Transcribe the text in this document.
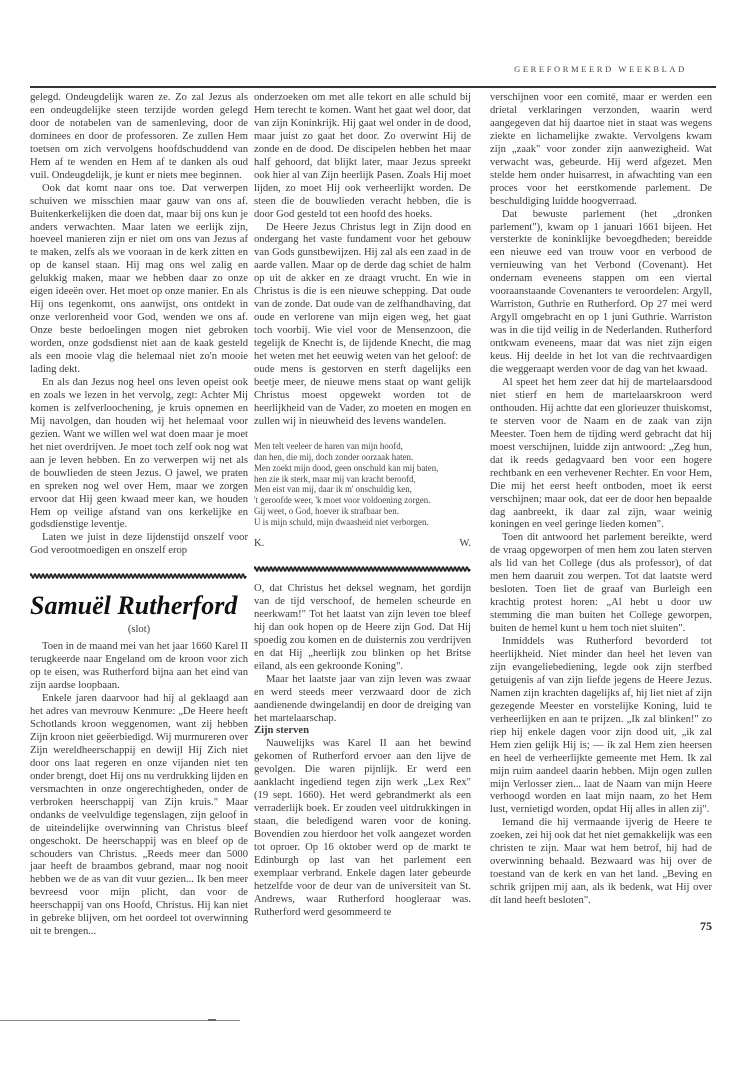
GEREFORMEERD WEEKBLAD

gelegd. Ondeugdelijk waren ze. Zo zal Jezus als een ondeugdelijke steen terzijde worden gelegd door de notabelen van de samenleving, door de dominees en door de professoren. Ze zullen Hem toetsen om zich vervolgens hoofdschuddend van Hem af te wenden en Hem af te danken als oud vuil. Ondeugdelijk, je kunt er niets mee beginnen.

Ook dat komt naar ons toe. Dat verwerpen schuiven we misschien maar gauw van ons af. Buitenkerkelijken die doen dat, maar bij ons kun je anders verwachten. Maar laten we eerlijk zijn, hoeveel manieren zijn er niet om ons van Jezus af te maken, zelfs als we vooraan in de kerk zitten en op de kansel staan. Hij mag ons wel zalig en gelukkig maken, maar we hebben daar zo onze eigen ideeën over. Het moet op onze manier. En als Hij ons tegenkomt, ons aanwijst, ons ontdekt in onze verlorenheid voor God, wenden we ons af. Onze beste bedoelingen mogen niet gebroken worden, onze godsdienst niet aan de kaak gesteld als een mooie vlag die helemaal niet zo'n mooie lading dekt.

En als dan Jezus nog heel ons leven opeist ook en zoals we lezen in het vervolg, zegt: Achter Mij komen is zelfverloochening, je kruis opnemen en Mij navolgen, dan houden wij het helemaal voor gezien. Want we willen wel wat doen maar je moet het niet overdrijven. Je moet toch zelf ook nog wat aan je leven hebben. En zo verwerpen wij net als de bouwlieden de steen Jezus. O jawel, we praten en spreken nog wel over Hem, maar we zorgen ervoor dat Hij geen kwaad meer kan, we houden Hem op veilige afstand van ons kerkelijke en godsdienstige leventje.

Laten we juist in deze lijdenstijd onszelf voor God verootmoedigen en onszelf erop

Samuël Rutherford
(slot)

Toen in de maand mei van het jaar 1660 Karel II terugkeerde naar Engeland om de kroon voor zich op te eisen, was Rutherford bijna aan het eind van zijn aardse loopbaan.

Enkele jaren daarvoor had hij al geklaagd aan het adres van mevrouw Kenmure: „De Heere heeft Schotlands kroon weggenomen, want zij hebben Zijn kroon niet geëerbiedigd. Wij murmureren over Zijn wereldheerschappij en dewijl Hij Zich niet door ons laat regeren en onze vijanden niet ten onder brengt, doet Hij ons nu verdrukking lijden en versmachten in onze ongerechtigheden, onder de verbroken heerschappij van Zijn kruis." Maar ondanks de veelvuldige tegenslagen, zijn geloof in de uiteindelijke overwinning van Christus bleef ongeschokt. De heerschappij was en bleef op de schouders van Christus. „Reeds meer dan 5000 jaar heeft de braambos gebrand, maar nog nooit hebben we de as van dit vuur gezien... Ik ben meer bevreesd voor mijn plicht, dan voor de heerschappij van ons Hoofd, Christus. Hij kan niet in gebreke blijven, om het oordeel tot overwinning uit te brengen...

onderzoeken om met alle tekort en alle schuld bij Hem terecht te komen. Want het gaat wel door, dat van zijn Koninkrijk. Hij gaat wel onder in de dood, maar juist zo gaat het door. Zo overwint Hij de zonde en de dood. De discipelen hebben het maar half gehoord, dat blijkt later, maar Jezus spreekt ook hier al van Zijn heerlijk Pasen. Zoals Hij moet lijden, zo moet Hij ook verheerlijkt worden. De steen die de bouwlieden veracht hebben, die is door God gesteld tot een hoofd des hoeks.

De Heere Jezus Christus legt in Zijn dood en ondergang het vaste fundament voor het gebouw van Gods gunstbewijzen. Hij zal als een zaad in de aarde vallen. Maar op de derde dag schiet de halm op uit de akker en ze draagt vrucht. En wie in Christus is die is een nieuwe schepping. Dat oude van de zonde. Dat oude van de zelfhandhaving, dat oude en verlorene van mijn eigen weg, het gaat toch voorbij. Wie viel voor de Mensenzoon, die tegelijk de Knecht is, de lijdende Knecht, die mag het weten met het eeuwig weten van het geloof: de oude mens is gestorven en sterft dagelijks een beetje meer, de nieuwe mens staat op want gelijk Christus moest opgewekt worden tot de heerlijkheid van de Vader, zo moeten en mogen en zullen wij in nieuwheid des levens wandelen.

Men telt veeleer de haren van mijn hoofd,
dan hen, die mij, doch zonder oorzaak haten.
Men zoekt mijn dood, geen onschuld kan mij baten,
hen zie ik sterk, maar mij van kracht beroofd,
Men eist van mij, daar ik m' onschuldig ken,
't geroofde weer, 'k moet voor voldoening zorgen.
Gij weet, o God, hoever ik strafbaar ben.
U is mijn schuld, mijn dwaasheid niet verborgen.
K.	W.

O, dat Christus het deksel wegnam, het gordijn van de tijd verschoof, de hemelen scheurde en neerkwam!" Tot het laatst van zijn leven toe bleef hij dan ook hopen op de Heere zijn God. Dat Hij spoedig zou komen en de duisternis zou verdrijven en dat Hij „heerlijk zou blinken op het Britse eiland, als een gekroonde Koning".

Maar het laatste jaar van zijn leven was zwaar en werd steeds meer verzwaard door de zich aandienende dwingelandij en door de dreiging van het martelaarschap.

Zijn sterven

Nauwelijks was Karel II aan het bewind gekomen of Rutherford ervoer aan den lijve de gevolgen. Die waren pijnlijk. Er werd een aanklacht ingediend tegen zijn werk „Lex Rex" (19 sept. 1660). Het werd gebrandmerkt als een verraderlijk boek. Er zouden veel uitdrukkingen in staan, die beledigend waren voor de koning. Bovendien zou hierdoor het volk aangezet worden tot oproer. Op 16 oktober werd op de markt te Edinburgh op last van het parlement een exemplaar verbrand. Enkele dagen later gebeurde hetzelfde voor de deur van de universiteit van St. Andrews, waar Rutherford hoogleraar was. Rutherford werd gesommeerd te

verschijnen voor een comité, maar er werden een drietal verklaringen verzonden, waarin werd aangegeven dat hij daartoe niet in staat was wegens ziekte en lichamelijke zwakte. Vervolgens kwam zijn „zaak" voor zonder zijn aanwezigheid. Wat verwacht was, gebeurde. Hij werd afgezet. Men stelde hem onder huisarrest, in afwachting van een proces voor het eerstkomende parlement. De beschuldiging luidde hoogverraad.

Dat bewuste parlement (het „dronken parlement"), kwam op 1 januari 1661 bijeen. Het versterkte de koninklijke bevoegdheden; bereidde een nieuwe eed van trouw voor en verbood de vernieuwing van het Verbond (Covenant). Het ondernam eveneens stappen om een viertal vooraanstaande Covenanters te veroordelen: Argyll, Warriston, Guthrie en Rutherford. Op 27 mei werd Argyll omgebracht en op 1 juni Guthrie. Warriston was in die tijd veilig in de Nederlanden. Rutherford ontkwam eveneens, maar dat was niet zijn eigen keus. Hij deelde in het lot van die rechtvaardigen die weggeraapt werden voor de dag van het kwaad.

Al speet het hem zeer dat hij de martelaarsdood niet stierf en hem de martelaarskroon werd onthouden. Hij achtte dat een glorieuzer thuiskomst, te sterven voor de Naam en de zaak van zijn Meester. Toen hem de tijding werd gebracht dat hij moest verschijnen, luidde zijn antwoord: „Zeg hun, dat ik reeds gedagvaard ben voor een hogere rechtbank en een verhevener Rechter. En voor Hem, Die mij het eerst heeft ontboden, moet ik eerst verschijnen; maar ook, dat eer de door hen bepaalde dag aanbreekt, ik daar zal zijn, waar weinig koningen en veel geringe lieden komen".

Toen dit antwoord het parlement bereikte, werd de vraag opgeworpen of men hem zou laten sterven als lid van het College (dus als professor), of dat men hem daaruit zou werpen. Tot dat laatste werd besloten. Toen liet de graaf van Burleigh een krachtig protest horen: „Al hebt u door uw stemming die man buiten het College geworpen, buiten de hemel kunt u hem toch niet sluiten".

Inmiddels was Rutherford bevorderd tot heerlijkheid. Niet minder dan heel het leven van zijn evangeliebediening, legde ook zijn sterfbed getuigenis af van zijn liefde jegens de Heere Jezus. Namen zijn krachten dagelijks af, hij liet niet af zijn gezegende Meester en vorstelijke Koning, luid te verheerlijken en aan te prijzen. „Ik zal blinken!" zo riep hij enkele dagen voor zijn dood uit, „ik zal Hem zien gelijk Hij is; — ik zal Hem zien heersen en heel de verheerlijkte gemeente met Hem. Ik zal mijn ruim aandeel daarin hebben. Mijn ogen zullen mijn Verlosser zien... laat de Naam van mijn Heere verhoogd worden en laat mijn naam, zo het Hem lust, vernietigd worden, opdat Hij alles in allen zij".

Iemand die hij vermaande ijverig de Heere te zoeken, zei hij ook dat het niet gemakkelijk was een christen te zijn. Maar wat hem betrof, hij had de overwinning behaald. Bezwaard was hij over de toestand van de kerk en van het land. „Beving en schrik grijpen mij aan, als ik bedenk, wat Hij over dit land heeft besloten".

75
